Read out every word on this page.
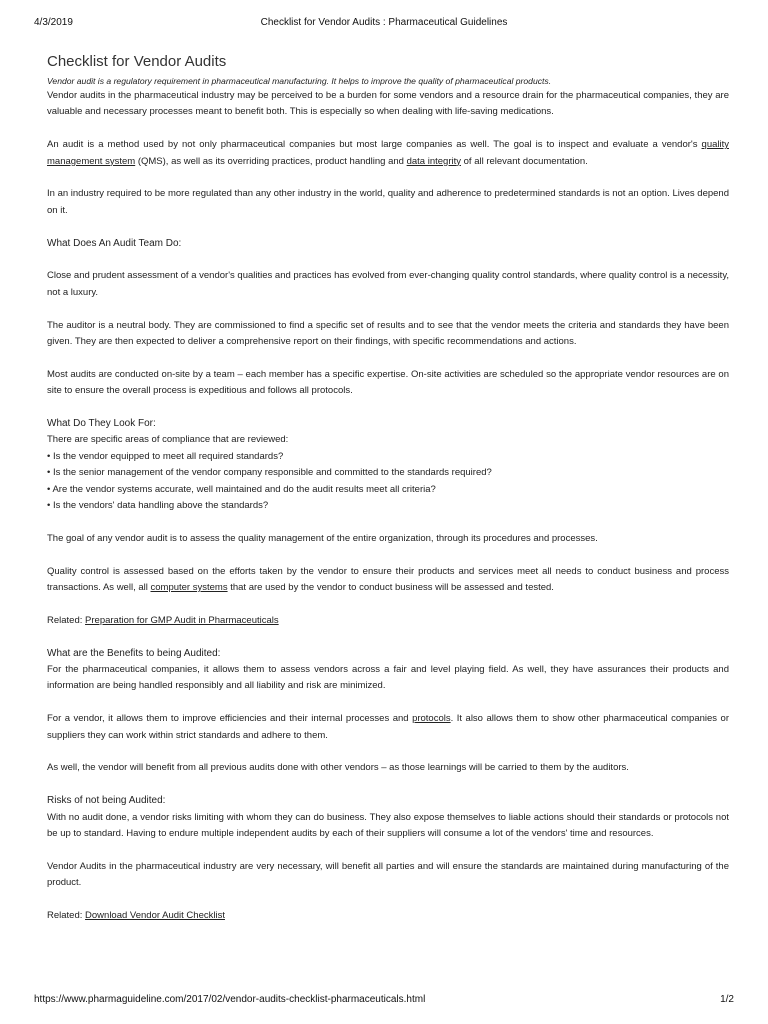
4/3/2019	Checklist for Vendor Audits : Pharmaceutical Guidelines
Checklist for Vendor Audits
Vendor audit is a regulatory requirement in pharmaceutical manufacturing. It helps to improve the quality of pharmaceutical products.

Vendor audits in the pharmaceutical industry may be perceived to be a burden for some vendors and a resource drain for the pharmaceutical companies, they are valuable and necessary processes meant to benefit both. This is especially so when dealing with life-saving medications.

An audit is a method used by not only pharmaceutical companies but most large companies as well. The goal is to inspect and evaluate a vendor's quality management system (QMS), as well as its overriding practices, product handling and data integrity of all relevant documentation.

In an industry required to be more regulated than any other industry in the world, quality and adherence to predetermined standards is not an option. Lives depend on it.

What Does An Audit Team Do:

Close and prudent assessment of a vendor's qualities and practices has evolved from ever-changing quality control standards, where quality control is a necessity, not a luxury.

The auditor is a neutral body. They are commissioned to find a specific set of results and to see that the vendor meets the criteria and standards they have been given. They are then expected to deliver a comprehensive report on their findings, with specific recommendations and actions.

Most audits are conducted on-site by a team – each member has a specific expertise. On-site activities are scheduled so the appropriate vendor resources are on site to ensure the overall process is expeditious and follows all protocols.

What Do They Look For:
There are specific areas of compliance that are reviewed:
• Is the vendor equipped to meet all required standards?
• Is the senior management of the vendor company responsible and committed to the standards required?
• Are the vendor systems accurate, well maintained and do the audit results meet all criteria?
• Is the vendors' data handling above the standards?

The goal of any vendor audit is to assess the quality management of the entire organization, through its procedures and processes.

Quality control is assessed based on the efforts taken by the vendor to ensure their products and services meet all needs to conduct business and process transactions. As well, all computer systems that are used by the vendor to conduct business will be assessed and tested.

Related: Preparation for GMP Audit in Pharmaceuticals

What are the Benefits to being Audited:

For the pharmaceutical companies, it allows them to assess vendors across a fair and level playing field. As well, they have assurances their products and information are being handled responsibly and all liability and risk are minimized.

For a vendor, it allows them to improve efficiencies and their internal processes and protocols. It also allows them to show other pharmaceutical companies or suppliers they can work within strict standards and adhere to them.

As well, the vendor will benefit from all previous audits done with other vendors – as those learnings will be carried to them by the auditors.

Risks of not being Audited:

With no audit done, a vendor risks limiting with whom they can do business. They also expose themselves to liable actions should their standards or protocols not be up to standard. Having to endure multiple independent audits by each of their suppliers will consume a lot of the vendors' time and resources.

Vendor Audits in the pharmaceutical industry are very necessary, will benefit all parties and will ensure the standards are maintained during manufacturing of the product.

Related: Download Vendor Audit Checklist

https://www.pharmaguideline.com/2017/02/vendor-audits-checklist-pharmaceuticals.html	1/2
